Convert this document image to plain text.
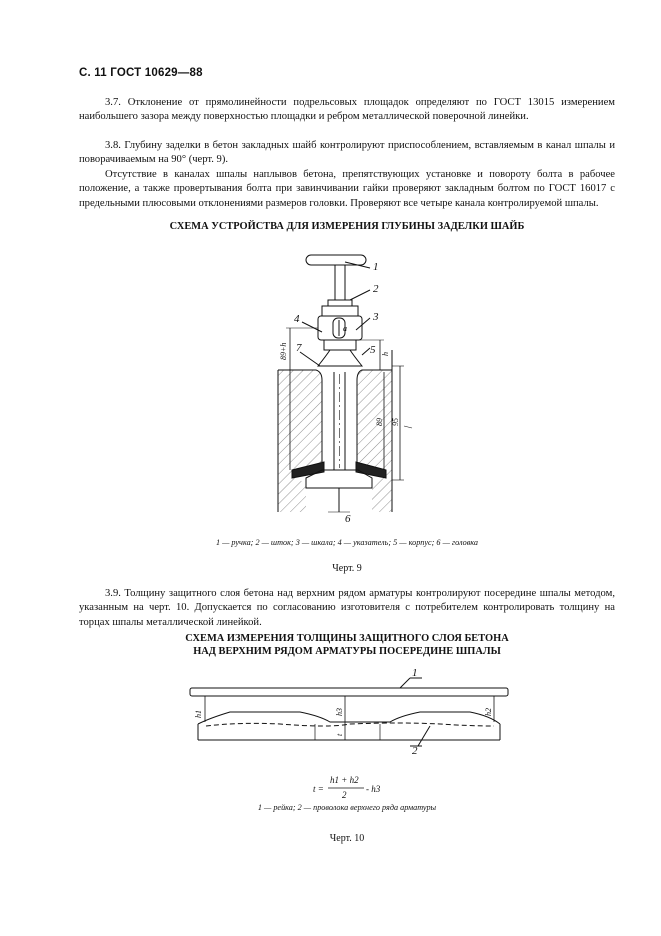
С. 11 ГОСТ 10629—88

3.7. Отклонение от прямолинейности подрельсовых площадок определяют по ГОСТ 13015 измерением наибольшего зазора между поверхностью площадки и ребром металлической поверочной линейки.

3.8. Глубину заделки в бетон закладных шайб контролируют приспособлением, вставляемым в канал шпалы и поворачиваемым на 90° (черт. 9).

Отсутствие в каналах шпалы наплывов бетона, препятствующих установке и повороту болта в рабочее положение, а также провертывания болта при завинчивании гайки проверяют закладным болтом по ГОСТ 16017 с предельными плюсовыми отклонениями размеров головки. Проверяют все четыре канала контролируемой шпалы.

СХЕМА УСТРОЙСТВА ДЛЯ ИЗМЕРЕНИЯ ГЛУБИНЫ ЗАДЕЛКИ ШАЙБ
1
2
3
4
5
6
7
а
89+h	h
89 95
1 — ручка; 2 — шток; 3 — шкала; 4 — указатель; 5 — корпус; 6 — головка
Черт. 9

3.9. Толщину защитного слоя бетона над верхним рядом арматуры контролируют посередине шпалы методом, указанным на черт. 10. Допускается по согласованию изготовителя с потребителем контролировать толщину на торцах шпалы металлической линейкой.

СХЕМА ИЗМЕРЕНИЯ ТОЛЩИНЫ ЗАЩИТНОГО СЛОЯ БЕТОНА
НАД ВЕРХНИМ РЯДОМ АРМАТУРЫ ПОСЕРЕДИНЕ ШПАЛЫ
h1	h3
t
h2
1
2
t =
h1 + h2
2
- h3
1 — рейка; 2 — проволока верхнего ряда арматуры
Черт. 10
